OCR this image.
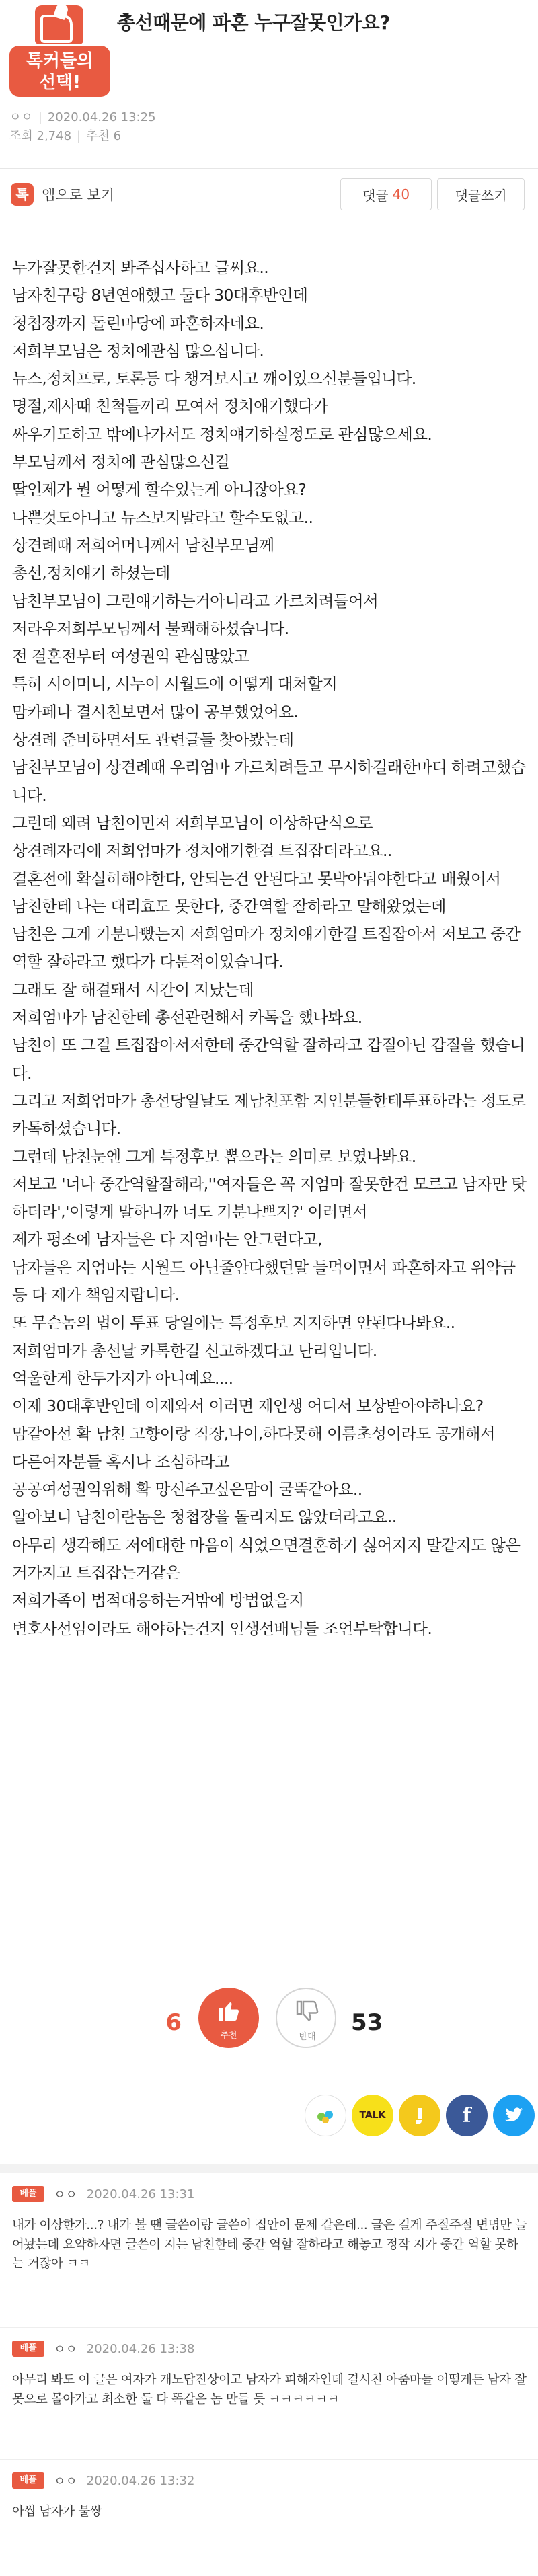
톡커들의
선택!
총선때문에 파혼 누구잘못인가요?
ㅇㅇ | 2020.04.26 13:25
조회 2,748 | 추천 6
톡 앱으로 보기	댓글 40	댓글쓰기

누가잘못한건지 봐주십사하고 글써요..

남자친구랑 8년연애했고 둘다 30대후반인데

청첩장까지 돌린마당에 파혼하자네요.

저희부모님은 정치에관심 많으십니다.

뉴스,정치프로, 토론등 다 챙겨보시고 깨어있으신분들입니다.

명절,제사때 친척들끼리 모여서 정치얘기했다가

싸우기도하고 밖에나가서도 정치얘기하실정도로 관심많으세요.

부모님께서 정치에 관심많으신걸

딸인제가 뭘 어떻게 할수있는게 아니잖아요?

나쁜것도아니고 뉴스보지말라고 할수도없고..

상견례때 저희어머니께서 남친부모님께

총선,정치얘기 하셨는데

남친부모님이 그런얘기하는거아니라고 가르치려들어서

저라우저희부모님께서 불쾌해하셨습니다.

전 결혼전부터 여성권익 관심많았고

특히 시어머니, 시누이 시월드에 어떻게 대처할지

맘카페나 결시친보면서 많이 공부했었어요.

상견례 준비하면서도 관련글들 찾아봤는데

남친부모님이 상견례때 우리엄마 가르치려들고 무시하길래한마디 하려고했습니다.

그런데 왜려 남친이먼저 저희부모님이 이상하단식으로

상견례자리에 저희엄마가 정치얘기한걸 트집잡더라고요..

결혼전에 확실히해야한다, 안되는건 안된다고 못박아둬야한다고 배웠어서

남친한테 나는 대리효도 못한다, 중간역할 잘하라고 말해왔었는데

남친은 그게 기분나빴는지 저희엄마가 정치얘기한걸 트집잡아서 저보고 중간역할 잘하라고 했다가 다툰적이있습니다.

그래도 잘 해결돼서 시간이 지났는데

저희엄마가 남친한테 총선관련해서 카톡을 했나봐요.

남친이 또 그걸 트집잡아서저한테 중간역할 잘하라고 갑질아닌 갑질을 했습니다.

그리고 저희엄마가 총선당일날도 제남친포함 지인분들한테투표하라는 정도로 카톡하셨습니다.

그런데 남친눈엔 그게 특정후보 뽑으라는 의미로 보였나봐요.

저보고 '너나 중간역할잘해라,''여자들은 꼭 지엄마 잘못한건 모르고 남자만 탓하더라','이렇게 말하니까 너도 기분나쁘지?' 이러면서

제가 평소에 남자들은 다 지엄마는 안그런다고,

남자들은 지엄마는 시월드 아닌줄안다했던말 들먹이면서 파혼하자고 위약금등 다 제가 책임지랍니다.

또 무슨놈의 법이 투표 당일에는 특정후보 지지하면 안된다나봐요..

저희엄마가 총선날 카톡한걸 신고하겠다고 난리입니다.

억울한게 한두가지가 아니예요....

이제 30대후반인데 이제와서 이러면 제인생 어디서 보상받아야하나요?

맘같아선 확 남친 고향이랑 직장,나이,하다못해 이름초성이라도 공개해서

다른여자분들 혹시나 조심하라고

공공여성권익위해 확 망신주고싶은맘이 굴뚝같아요..

알아보니 남친이란놈은 청첩장을 돌리지도 않았더라고요..

아무리 생각해도 저에대한 마음이 식었으면결혼하기 싫어지지 말같지도 않은거가지고 트집잡는거같은

저희가족이 법적대응하는거밖에 방법없을지

변호사선임이라도 해야하는건지 인생선배님들 조언부탁합니다.

6	추천	반대
53
TALK	f
베플	ㅇㅇ 2020.04.26 13:31
내가 이상한가...? 내가 볼 땐 글쓴이랑 글쓴이 집안이 문제 같은데... 글은 길게 주절주절 변명만 늘어놨는데 요약하자면 글쓴이 지는 남친한테 중간 역할 잘하라고 해놓고 정작 지가 중간 역할 못하는 거잖아 ㅋㅋ
베플	ㅇㅇ 2020.04.26 13:38
아무리 봐도 이 글은 여자가 개노답진상이고 남자가 피해자인데 결시친 아줌마들 어떻게든 남자 잘못으로 몰아가고 최소한 둘 다 똑같은 놈 만들 듯 ㅋㅋㅋㅋㅋㅋ
베플	ㅇㅇ 2020.04.26 13:32
아씹 남자가 불쌍
